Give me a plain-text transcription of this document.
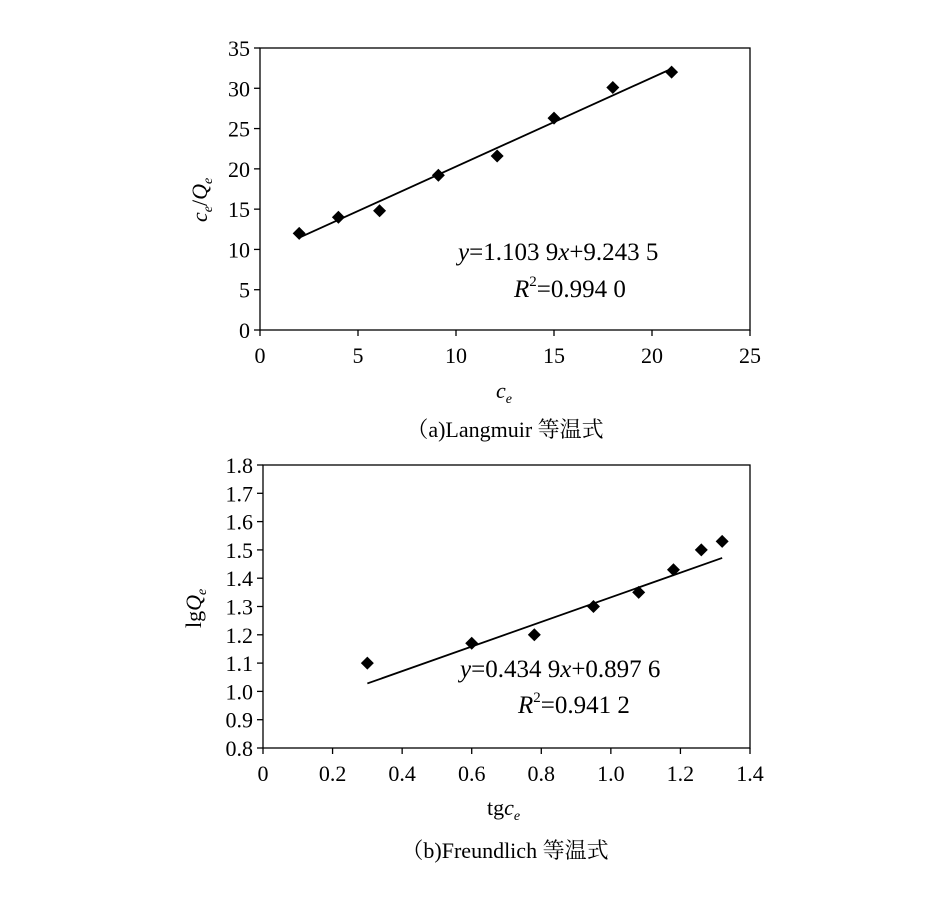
0
5
10
15
20
25
30
35
0	5	10	15	20	25
y=1.103 9x+9.243 5
$R^2=0.994$ 0
$c_e$
$c_e/Q_e$
（a)Langmuir 等温式
0.8
0.9
1.0
1.1
1.2
1.3
1.4
1.5
1.6
1.7
1.8
0 0.2 0.4 0.6 0.8 1.0 1.2 1.4
y=0.434 9x+0.897 6
$R^2=0.941$ 2
tgc$_e$
lgQ$_e$
（b)Freundlich 等温式
